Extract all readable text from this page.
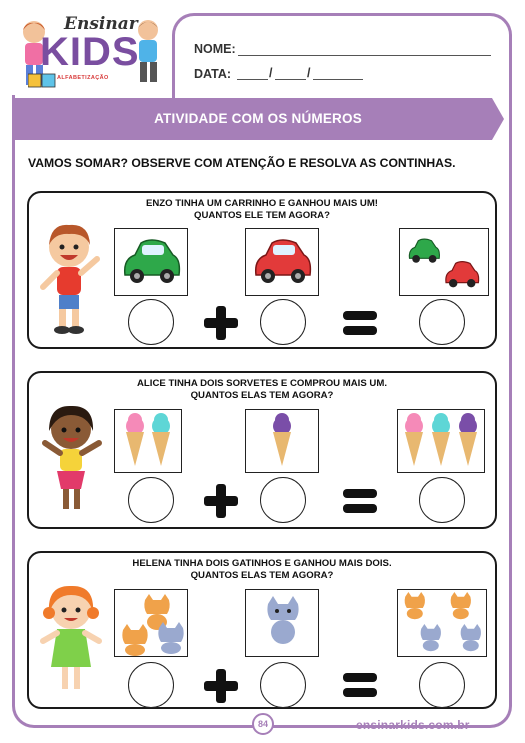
Ensinar
KIDS
ALFABETIZAÇÃO
NOME:
DATA:	/	/
ATIVIDADE COM OS NÚMEROS
VAMOS SOMAR? OBSERVE COM ATENÇÃO E RESOLVA AS CONTINHAS.
ENZO TINHA UM CARRINHO E GANHOU MAIS UM!
QUANTOS ELE TEM AGORA?
ALICE TINHA DOIS SORVETES E COMPROU MAIS UM.
QUANTOS ELAS TEM AGORA?
HELENA TINHA DOIS GATINHOS E GANHOU MAIS DOIS.
QUANTOS ELAS TEM AGORA?
84	ensinarkids.com.br
